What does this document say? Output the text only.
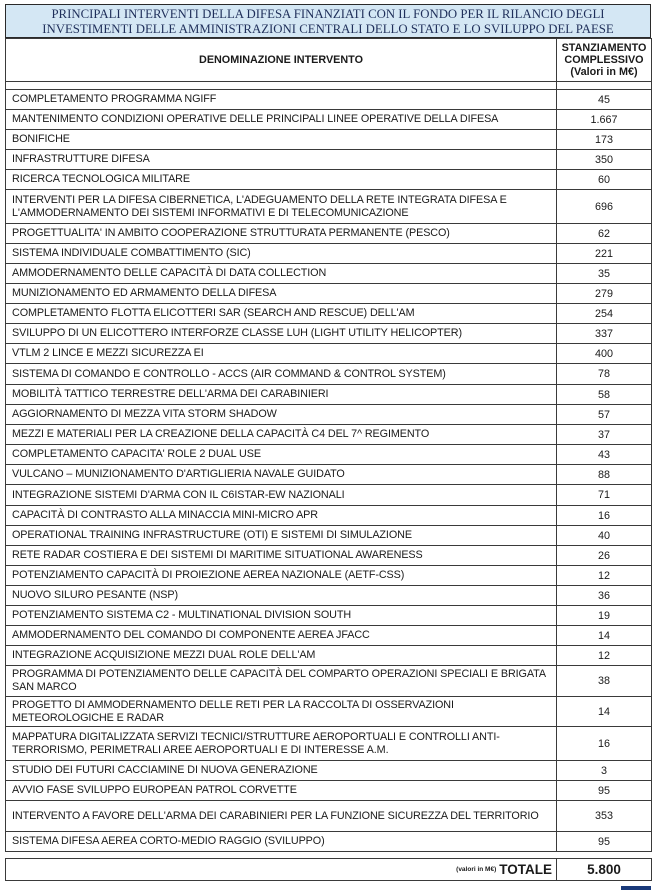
PRINCIPALI INTERVENTI DELLA DIFESA FINANZIATI CON IL FONDO PER IL RILANCIO DEGLI
INVESTIMENTI DELLE AMMINISTRAZIONI CENTRALI DELLO STATO E LO SVILUPPO DEL PAESE
DENOMINAZIONE INTERVENTO	STANZIAMENTO
COMPLESSIVO
(Valori in M€)

COMPLETAMENTO PROGRAMMA NGIFF	45
MANTENIMENTO CONDIZIONI OPERATIVE DELLE PRINCIPALI LINEE OPERATIVE DELLA DIFESA	1.667
BONIFICHE	173
INFRASTRUTTURE DIFESA	350
RICERCA TECNOLOGICA MILITARE	60
INTERVENTI PER LA DIFESA CIBERNETICA, L'ADEGUAMENTO DELLA RETE INTEGRATA DIFESA E L'AMMODERNAMENTO DEI SISTEMI INFORMATIVI E DI TELECOMUNICAZIONE	696
PROGETTUALITA' IN AMBITO COOPERAZIONE STRUTTURATA PERMANENTE (PESCO)	62
SISTEMA INDIVIDUALE COMBATTIMENTO (SIC)	221
AMMODERNAMENTO DELLE CAPACITÀ DI DATA COLLECTION	35
MUNIZIONAMENTO ED ARMAMENTO DELLA DIFESA	279
COMPLETAMENTO FLOTTA ELICOTTERI SAR (SEARCH AND RESCUE) DELL'AM	254
SVILUPPO DI UN ELICOTTERO INTERFORZE CLASSE LUH (LIGHT UTILITY HELICOPTER)	337
VTLM 2 LINCE E MEZZI SICUREZZA EI	400
SISTEMA DI COMANDO E CONTROLLO - ACCS (AIR COMMAND & CONTROL SYSTEM)	78
MOBILITÀ TATTICO TERRESTRE DELL'ARMA DEI CARABINIERI	58
AGGIORNAMENTO DI MEZZA VITA STORM SHADOW	57
MEZZI E MATERIALI PER LA CREAZIONE DELLA CAPACITÀ C4 DEL 7^ REGIMENTO	37
COMPLETAMENTO CAPACITA' ROLE 2 DUAL USE	43
VULCANO – MUNIZIONAMENTO D'ARTIGLIERIA NAVALE GUIDATO	88
INTEGRAZIONE SISTEMI D'ARMA CON IL C6ISTAR-EW NAZIONALI	71
CAPACITÀ DI CONTRASTO ALLA MINACCIA MINI-MICRO APR	16
OPERATIONAL TRAINING INFRASTRUCTURE (OTI) E SISTEMI DI SIMULAZIONE	40
RETE RADAR COSTIERA E DEI SISTEMI DI MARITIME SITUATIONAL AWARENESS	26
POTENZIAMENTO CAPACITÀ DI PROIEZIONE AEREA NAZIONALE (AETF-CSS)	12
NUOVO SILURO PESANTE (NSP)	36
POTENZIAMENTO SISTEMA C2 - MULTINATIONAL DIVISION SOUTH	19
AMMODERNAMENTO DEL COMANDO DI COMPONENTE AEREA JFACC	14
INTEGRAZIONE ACQUISIZIONE MEZZI DUAL ROLE DELL'AM	12
PROGRAMMA DI POTENZIAMENTO DELLE CAPACITÀ DEL COMPARTO OPERAZIONI SPECIALI E BRIGATA SAN MARCO	38
PROGETTO DI AMMODERNAMENTO DELLE RETI PER LA RACCOLTA DI OSSERVAZIONI METEOROLOGICHE E RADAR	14
MAPPATURA DIGITALIZZATA SERVIZI TECNICI/STRUTTURE AEROPORTUALI E CONTROLLI ANTI-TERRORISMO, PERIMETRALI AREE AEROPORTUALI E DI INTERESSE A.M.	16
STUDIO DEI FUTURI CACCIAMINE DI NUOVA GENERAZIONE	3
AVVIO FASE SVILUPPO EUROPEAN PATROL CORVETTE	95
INTERVENTO A FAVORE DELL'ARMA DEI CARABINIERI PER LA FUNZIONE SICUREZZA DEL TERRITORIO	353
SISTEMA DIFESA AEREA CORTO-MEDIO RAGGIO (SVILUPPO)	95

(valori in M€) TOTALE	5.800
